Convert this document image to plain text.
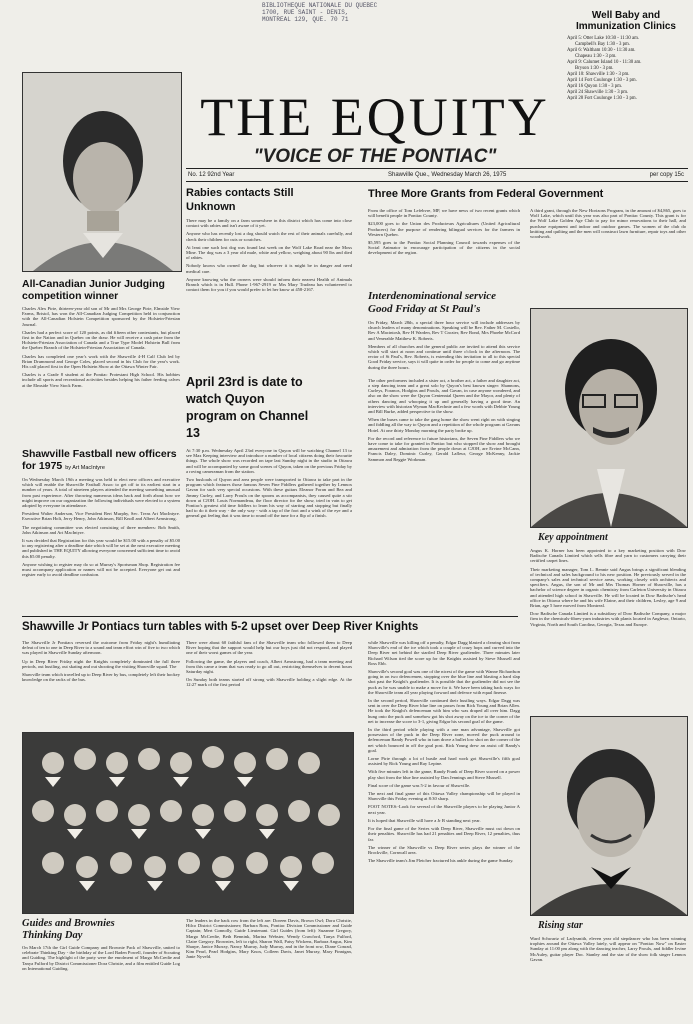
BIBLIOTHEQUE NATIONALE DU QUEBEC
1700, RUE SAINT - DENIS,
MONTREAL 129, QUE. 70 71	Well Baby and
Immunization Clinics
April 5: Otter Lake 10:30 - 11:30 am.
Campbell's Bay 1:30 - 3 pm.
April 6: Waltham 10:30 - 11:30 am.
Chapeau 1:30 - 3 pm.
April 9: Calumet Island 10 - 11:30 am.
Bryson 1:30 - 3 pm.
April 10: Shawville 1:30 - 3 pm.
April 14 Fort Coulonge 1:30 - 3 pm.
April 16 Quyon 1:30 - 3 pm.
April 24 Shawville 1:30 - 3 pm.
April 28 Fort Coulonge 1:30 - 3 pm.
THE EQUITY
"VOICE OF THE PONTIAC"
No. 12 92nd Year	Shawville Que., Wednesday March 26, 1975	per copy 15c
All-Canadian Junior Judging competition winner

Charles Alex Pirie, thirteen-year old son of Mr and Mrs George Pirie, Elmside View Farms, Bristol, has won the All-Canadian Judging Competition held in conjunction with the All-Canadian Holstein Competition sponsored by the Holstein-Friesian Journal.

Charles had a perfect score of 120 points, as did fifteen other contestants, but placed first in the Nation and in Quebec on the draw. He will receive a cash prize from the Holstein-Friesian Association of Canada and a True Type Model Holstein Bull from the Quebec Branch of the Holstein-Friesian Association of Canada.

Charles has completed one year's work with the Shawville 4-H Calf Club led by Brian Drummond and George Coles, placed second in his Club for the year's work. His calf placed first in the Open Holstein Show at the Ottawa Winter Fair.

Charles is a Grade 8 student at the Pontiac Protestant High School. His hobbies include all sports and recreational activities besides helping his father feeding calves at the Elmside View Stock Farm.

Shawville Fastball new officers for 1975 by Art MacIntyre

On Wednesday March 19th a meeting was held to elect new officers and executive which will enable the Shawville Fastball Assoc to get off to its earliest start in a number of years. A total of nineteen players attended the meeting something unusual from past experience. After throwing numerous ideas back and forth about how we might improve on our organization the following individuals were elected to a system adopted by everyone in attendance.

President Walter Anderson, Vice President Bert Murphy, Sec. Treas Art MacIntyre. Executive Brian Holt, Jerry Henry, John Atkinson, Bill Knoll and Albert Armstrong.

The negotiating committee was elected consisting of three members: Bob Smith, John Atkinson and Art MacIntyre.

It was decided that Registration for this year would be $15.00 with a penalty of $5.00 to any registering after a deadline date which will be set at the next executive meeting and published in THE EQUITY allowing everyone concerned sufficient time to avoid this $5.00 penalty.

Anyone wishing to register may do so at Murray's Sportsman Shop. Registration fee must accompany application or names will not be accepted. Everyone get out and register early to avoid deadline confusion.

Rabies contacts Still Unknown

There may be a family on a farm somewhere in this district which has come into close contact with rabies and isn't aware of it yet.

Anyone who has recently lost a dog should watch the rest of their animals carefully, and check their children for cuts or scratches.

At least one such lost dog was found last week on the Wolf Lake Road near the Moss Mine. The dog was a 3 year old male, white and yellow, weighing about 90 lbs and died of rabies.

Nobody knows who owned the dog but whoever it is might be in danger and need medical care.

Anyone knowing who the owners were should inform their nearest Health of Animals Branch which is in Hull. Phone 1-967-2919 or Mrs Mary Trudeau has volunteered to contact them for you if you would prefer to let her know at 458-2167.

April 23rd is date to watch Quyon program on Channel 13

At 7:30 p.m. Wednesday April 23rd everyone in Quyon will be watching Channel 13 to see Max Keeping interview and introduce a number of local citizens doing their favourite things. The whole show was recorded on tape last Sunday night in the studio in Ottawa and will be accompanied by some good scenes of Quyon, taken on the previous Friday by a roving cameraman from the station.

Two busloads of Quyon and area people were transported to Ottawa to take part in the program which features those famous Seven Fine Fiddlers gathered together by Lennox Gavan for such very special occasions. With these guitars Eleanor Foran and Bea and Jimmy Curley, and Larry Proulx on the spoons as accompanists, they caused quite a stir down at CJOH. Louis Normandeau, the floor director for the show, tried in vain to get Pontiac's greatest old time fiddlers to learn his way of starting and stopping but finally had to do it their way - the only way - with a tap of the foot and a wink of the eye and a general gut feeling that it was time to round off the tune for a flip of a finish.

Three More Grants from Federal Government

From the office of Tom Lefebvre, MP, we have news of two recent grants which will benefit people in Pontiac County.

$23,000 goes to the Union des Producteurs Agricultures (United Agricultural Producers) for the purpose of rendering bilingual services for the farmers in Western Quebec.

$5,595 goes to the Pontiac Social Planning Council towards expenses of the Social Animator to encourage participation of the citizens in the social development of the region.

A third grant, through the New Horizons Program, in the amount of $4,865, goes to Wolf Lake, which until this year was also part of Pontiac County. This grant is for the Wolf Lake Golden Age Club to pay for minor renovations to their hall, and purchase equipment and indoor and outdoor games. The women of the club do knitting and quilting and the men will construct lawn furniture, repair toys and other woodwork.

Interdenominational service Good Friday at St Paul's

On Friday, March 28th, a special three hour service will include addresses by church leaders of many denominations. Speaking will be Rev. Father M. Costello, Rev A Macintosh, Rev H Warden, Rev T Crozier, Rev Bond, Mrs Phoebe McCord and Venerable Matthew K. Roberts.

Members of all churches and the general public are invited to attend this service which will start at noon and continue until three o'clock in the afternoon. The rector of St Paul's, Rev. Roberts, is extending this invitation to all to this special Good Friday service, says it will quite in order for people to come and go anytime during the three hours.

The other performers included a sister act, a brother act, a father and daughter act, a step dancing team and a great solo by Quyon's best known singer: Shannons, Curleys, Foranos, Hodgins and Proulx, and Gavan, in case anyone wondered, and also on the show were the Quyon Centennial Queen and the Mayor, and plenty of others dancing and whooping it up and generally having a good time. An interview with historian Wyman MacKechnie and a few words with Debbie Young and Bill Burke, added perspective to the show.

When the buses came to take the gang home the show went right on with singing and fiddling all the way to Quyon and a repetition of the whole program at Gavans Hotel. At one thirty Monday morning the party broke up.

For the record and reference to future historians, the Seven Fine Fiddlers who we have come to take for granted in Pontiac but who stopped the show and brought amazement and admiration from the people down at CJOH, are Ervine McCann, Francis Daley, Dominic Curley, Gerald Lafleur, George McKenny, Jackie Sammon and Reggie Workman.

Key appointment

Angus K. Horner has been appointed to a key marketing position with Dow Badische Canada Limited which sells fibre and yarn to customers carrying their certified carpet lines.

Their marketing manager, Tom L. Bennie said Angus brings a significant blending of technical and sales background to his new position. He previously served in the company's sales and technical service areas, working closely with architects and specifiers. Angus, the son of Mr and Mrs Thomas Horner of Shawville, has a bachelor of science degree in organic chemistry from Carleton University in Ottawa and attended high school in Shawville. He will be located in Dow Badische's head office in Ottawa where he and his wife Elaine, and their children, Lesley, age 9 and Brian, age 5 have moved from Montreal.

Dow Badische Canada Limited is a subsidiary of Dow Badische Company, a major firm in the chemicals-fibres-yarn industries with plants located in Anglesor, Ontario, Virginia, North and South Carolina, Georgia, Texas and Europe.

Shawville Jr Pontiacs turn tables with 5-2 upset over Deep River Knights

The Shawville Jr Pontiacs reversed the outcome from Friday night's humiliating defeat of ten to one in Deep River to a sound and team effort win of five to two which was played in Shawville Sunday afternoon.

Up in Deep River Friday night the Knights completely dominated the full three periods, out hustling, out skating and out shooting the visiting Shawville squad. The

Shawville team which travelled up to Deep River by bus, completely left their hockey knowledge on the racks of the bus.

There were about 60 faithful fans of the Shawville team who followed them to Deep River hoping that the support would help but our boys just did not respond, and played one of their worst games of the year.

Following the game, the players and coach, Albert Armstrong, had a team meeting and from this came a team that was ready to go all out, restricting themselves to decent hours Saturday night.

On Sunday both teams started off strong with Shawville holding a slight edge. At the 12:27 mark of the first period

while Shawville was killing off a penalty, Edgar Dagg blasted a clearing shot from Shawville's end of the ice which took a couple of crazy hops and curved into the Deep River net behind the startled Deep River goaltender. Three minutes later Richard Wilson tied the score up for the Knights assisted by Steve Mussell and Ross Ebb.

Shawville's second goal was one of the nicest of the game with Wanne Richardson going in on two defencemen, stopping over the blue line and blasting a hard slap shot past the Knight's goaltender. It is possible that the goaltender did not see the puck as he was unable to make a move for it. We have been taking back ways for the Shawville team all year playing forward and defence with equal finesse.

In the second period, Shawville continued their hustling ways. Edgar Dagg was sent in over the Deep River blue line on passes from Rick Young and Brian Allen. He took the Knight's defenceman with him who was draped all over him. Dagg hung onto the puck and somehow got his shot away on the ice to the corner of the net to increase the score to 3-1, giving Edgar his second goal of the game.

In the third period while playing with a one man advantage, Shawville got possession of the puck in the Deep River zone, moved the puck around to defenceman Randy Powell who in turn drove a bullet low shot on the corner of the net which bounced in off the goal post. Rick Young drew an assist off Randy's goal.

Lorne Pirie through a lot of hustle and hard work got Shawville's fifth goal assisted by Rick Young and Ray Lepine.

With five minutes left in the game, Randy Frank of Deep River scored on a power play shot from the blue line assisted by Dan Jennings and Steve Mussell.

Final score of the game was 5-2 in favour of Shawville.

The next and final game of this Ottawa Valley championship will be played in Shawville this Friday evening at 8:30 sharp.

FOOT NOTES:-Look for several of the Shawville players to be playing Junior A next year.

It is hoped that Shawville will have a Jr B standing next year.

For the final game of the Series with Deep River, Shawville must cut down on their penalties. Shawville has had 21 penalties and Deep River, 12 penalties, thus far.

The winner of the Shawville vs Deep River series plays the winner of the Brockville, Cornwall area.

The Shawville team's Jim Fletcher fractured his ankle during the game Sunday.

Guides and Brownies Thinking Day

On March 17th the Girl Guide Company and Brownie Pack of Shawville, united to celebrate Thinking Day - the birthday of the Lord Baden Powell, founder of Scouting and Guiding. The highlight of the party were the enrolment of Margo McCredie and Tanya Fulford by District Commissioner Dora Christie, and a film entitled Guide Log on International Guiding.

The leaders in the back row from the left are: Doreen Davis, Brown Owl; Dora Christie, Hilco District Commissioner; Barbara Ross, Pontiac Division Commissioner and Guide Captain; Mert Connolly, Guide Lieutenant. Girl Guides (from left): Suzanne Gregory, Margo McCredie, Beth Bennink, Marina Webster, Wendy Crawford, Tanya Fulford, Claire Gregory. Brownies, left to right, Sharon Wall, Patsy Wickens, Barbara Angus, Kim Sharpe, Janice Murray, Nancy Murray, Judy Murray, and in the front row, Diane Conrad, Kim Pearl, Pearl Hodgins, Mary Knox, Colleen Davis, Janet Murray, Mary Finnigan, Janie Nyveld.

Rising star

Ward Schwartz of Ladysmith, eleven year old stepdancer who has been winning trophies around the Ottawa Valley lately, will appear on "Pontiac Now" on Easter Sunday at 11:00 pm along with the dancing teacher, Larry Proulx, and fiddler Irvine McAuley, guitar player Doc. Stanley and the star of the show folk singer Lennox Gavan.
